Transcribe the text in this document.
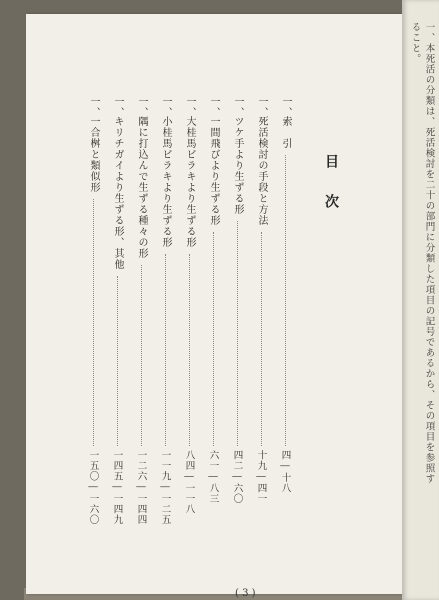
目次
一、
索　引
四―十八
一、
死活検討の手段と方法
十九―四一
一、
ツケ手より生ずる形
四二―六〇
一、
一間飛びより生ずる形
六一―八三
一、
大桂馬ビラキより生ずる形
八四―一一八
一、
小桂馬ビラキより生ずる形
一一九―一二五
一、
隅に打込んで生ずる種々の形
一二六―一四四
一、
キリチガイより生ずる形、其他
一四五―一四九
一、
一合桝と類似形
一五〇―一六〇
( 3 )
一、本死活の分類は、死活検討を二十の部門に分類した項目の記号であるから、その項目を参照す
ること。
